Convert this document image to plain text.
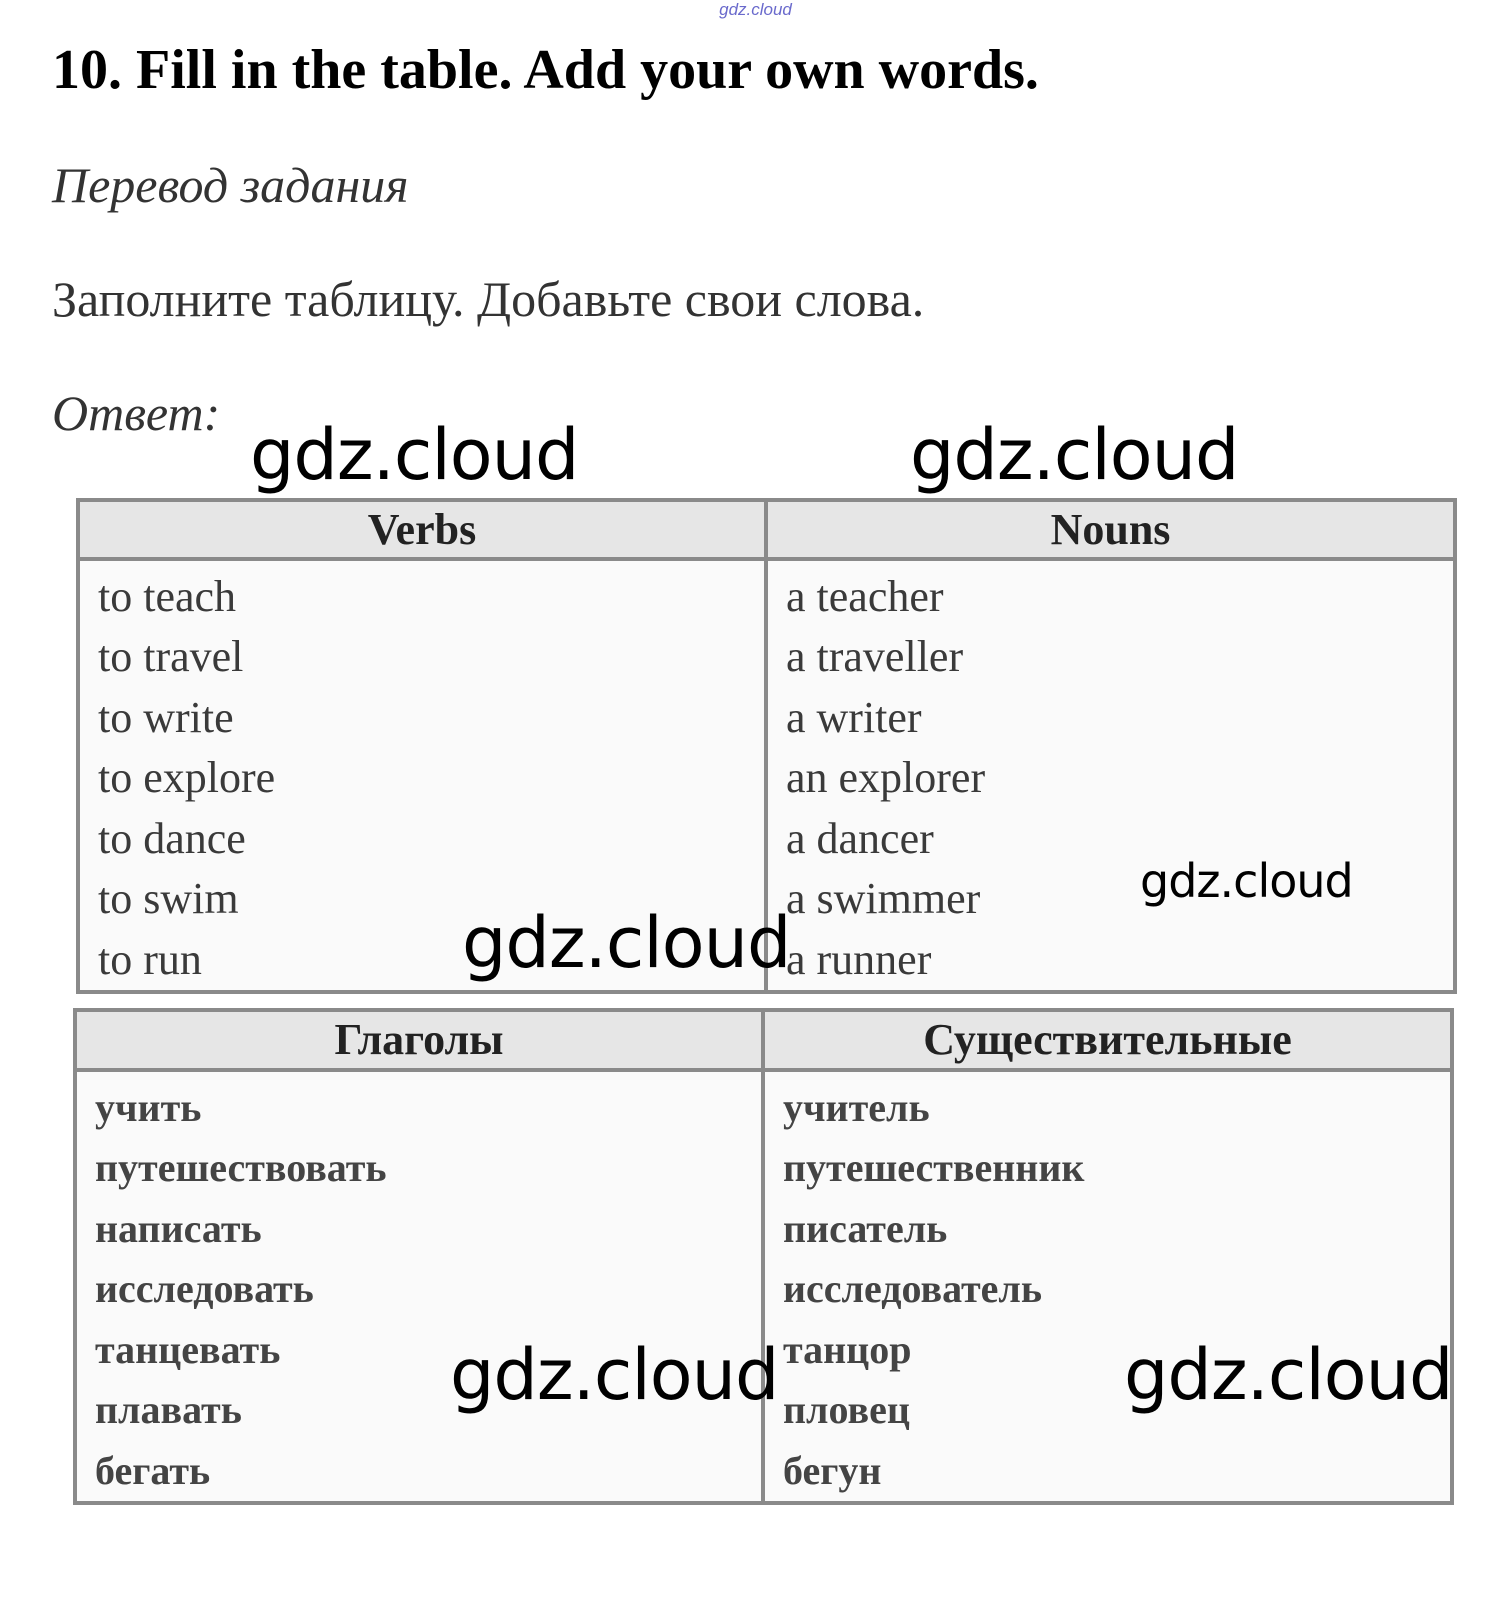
gdz.cloud
10. Fill in the table. Add your own words.

Перевод задания

Заполните таблицу. Добавьте свои слова.

Ответ:

Verbs
to teach
to travel
to write
to explore
to dance
to swim
to run
Nouns
a teacher
a traveller
a writer
an explorer
a dancer
a swimmer
a runner
Глаголы
учить
путешествовать
написать
исследовать
танцевать
плавать
бегать
Существительные
учитель
путешественник
писатель
исследователь
танцор
пловец
бегун
gdz.cloud	gdz.cloud
gdz.cloud
gdz.cloud
gdz.cloud	gdz.cloud
